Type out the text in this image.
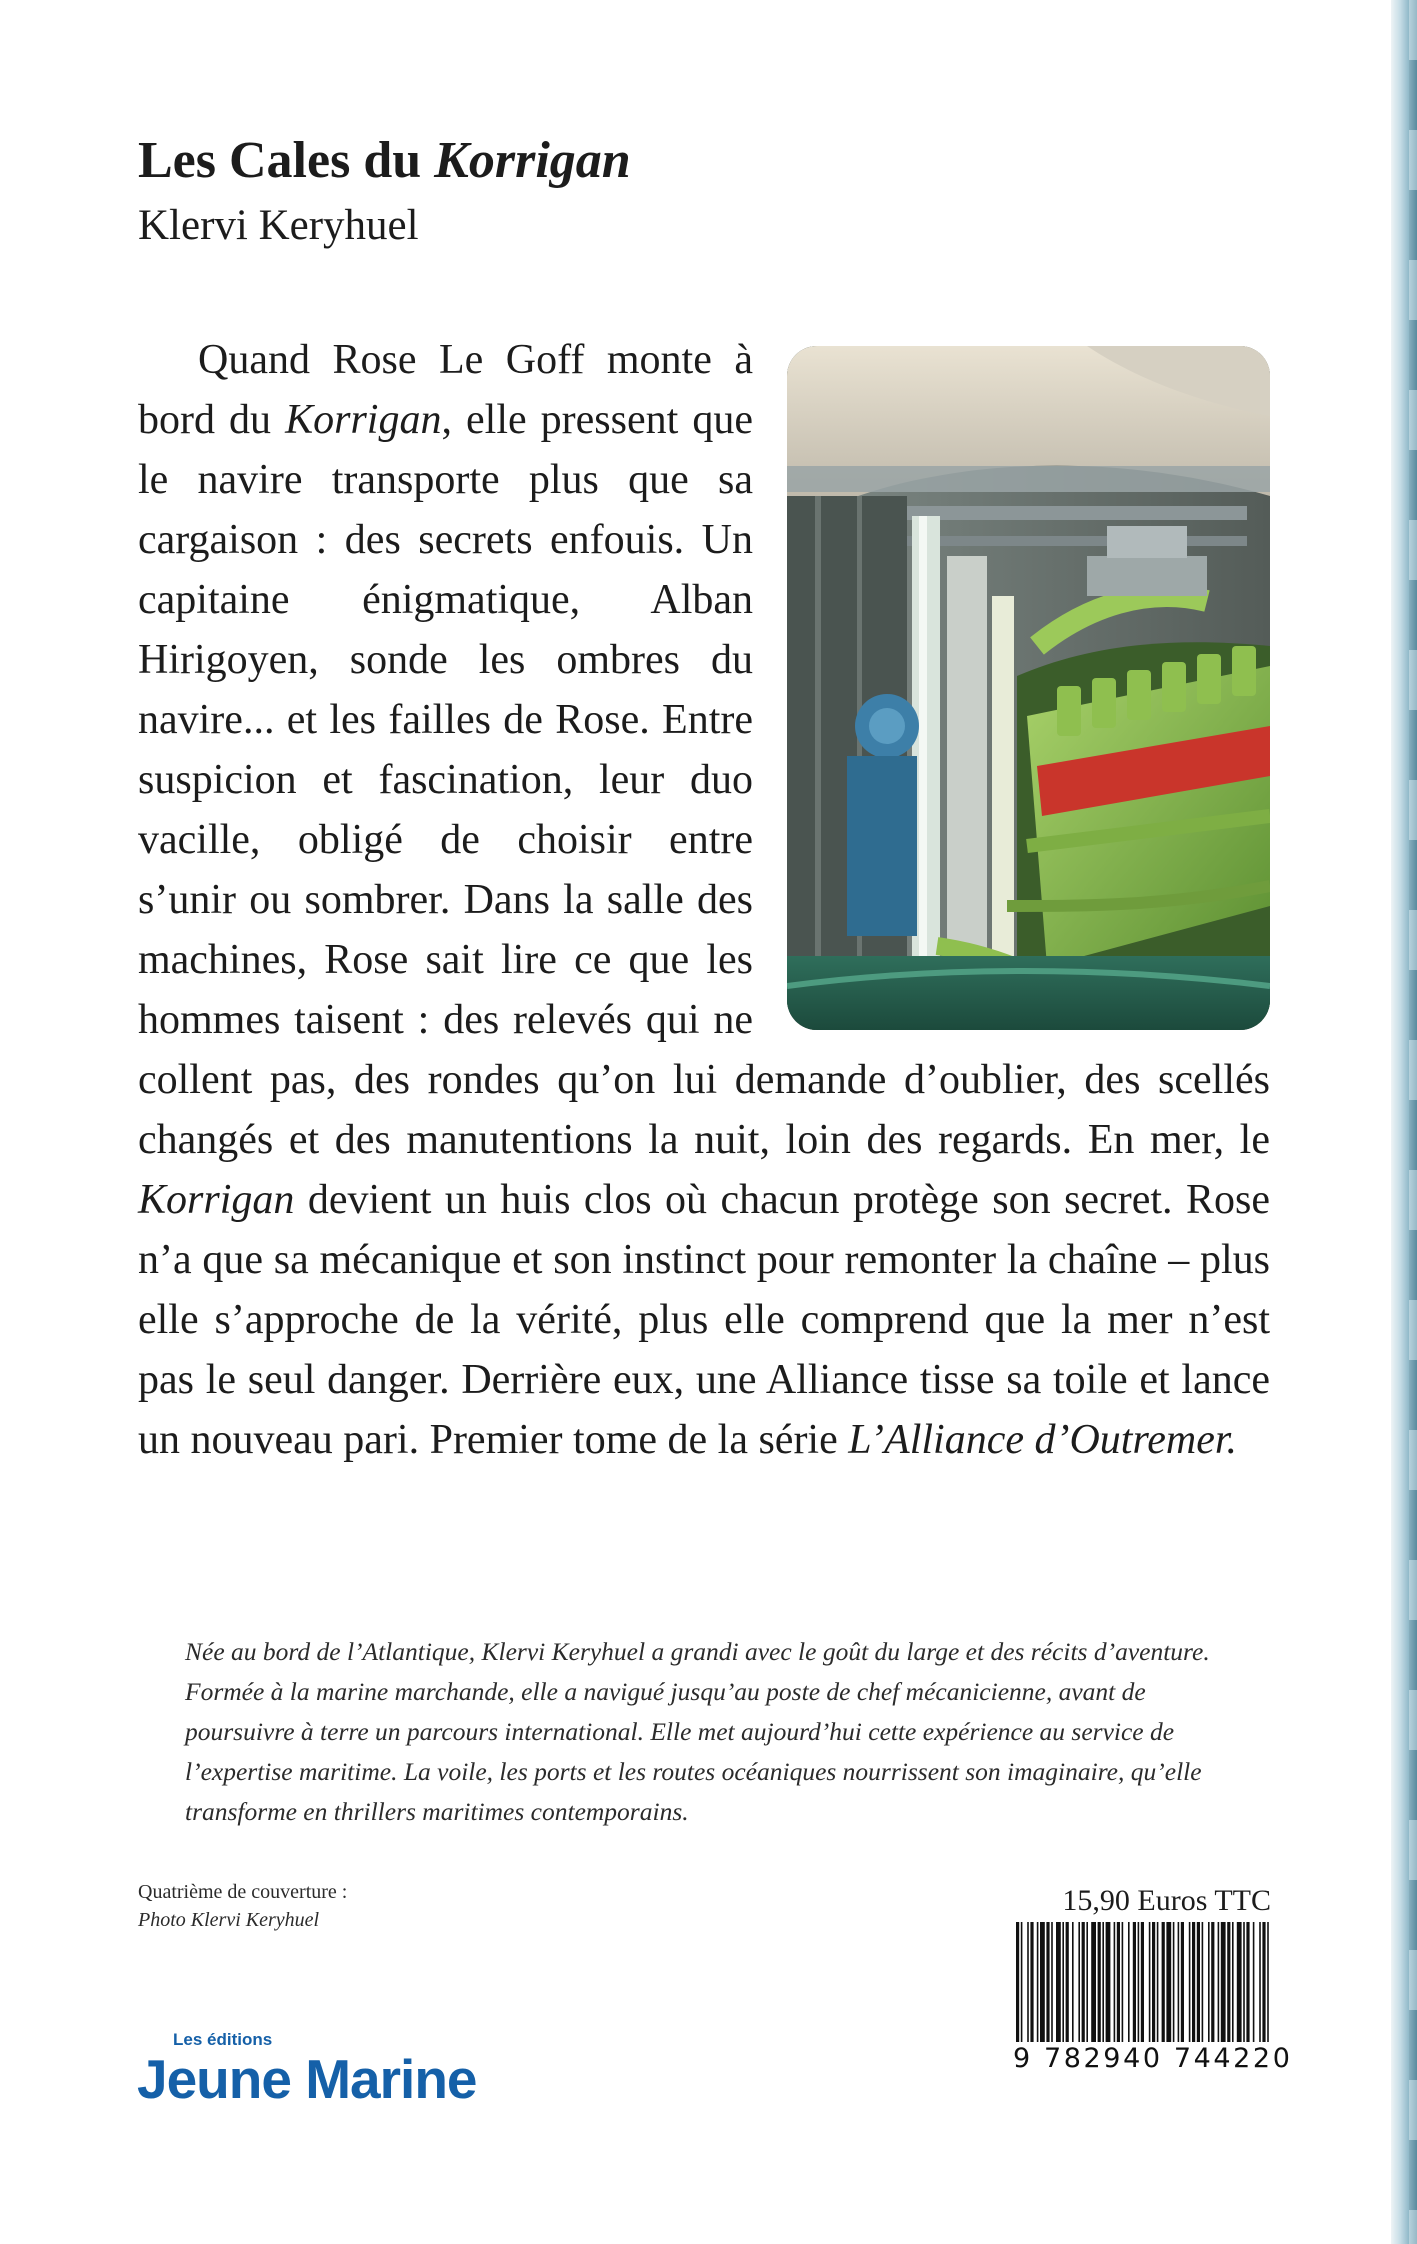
Les Cales du Korrigan
Klervi Keryhuel

Quand Rose Le Goff monte à bord du Korrigan, elle pressent que le navire transporte plus que sa cargaison : des secrets enfouis. Un capitaine énigmatique, Alban Hirigoyen, sonde les ombres du navire... et les failles de Rose. Entre suspicion et fascination, leur duo vacille, obligé de choisir entre s’unir ou sombrer. Dans la salle des machines, Rose sait lire ce que les hommes taisent : des relevés qui ne collent pas, des rondes qu’on lui demande d’oublier, des scellés changés et des manutentions la nuit, loin des regards. En mer, le Korrigan devient un huis clos où chacun protège son secret. Rose n’a que sa mécanique et son instinct pour remonter la chaîne – plus elle s’approche de la vérité, plus elle comprend que la mer n’est pas le seul danger. Derrière eux, une Alliance tisse sa toile et lance un nouveau pari. Premier tome de la série L’Alliance d’Outremer.

Née au bord de l’Atlantique, Klervi Keryhuel a grandi avec le goût du large et des récits d’aventure. Formée à la marine marchande, elle a navigué jusqu’au poste de chef mécanicienne, avant de poursuivre à terre un parcours international. Elle met aujourd’hui cette expérience au service de l’expertise maritime. La voile, les ports et les routes océaniques nourrissent son imaginaire, qu’elle transforme en thrillers maritimes contemporains.

Quatrième de couverture :
Photo Klervi Keryhuel
15,90 Euros TTC
9 782940 744220
Les éditions
Jeune Marine
